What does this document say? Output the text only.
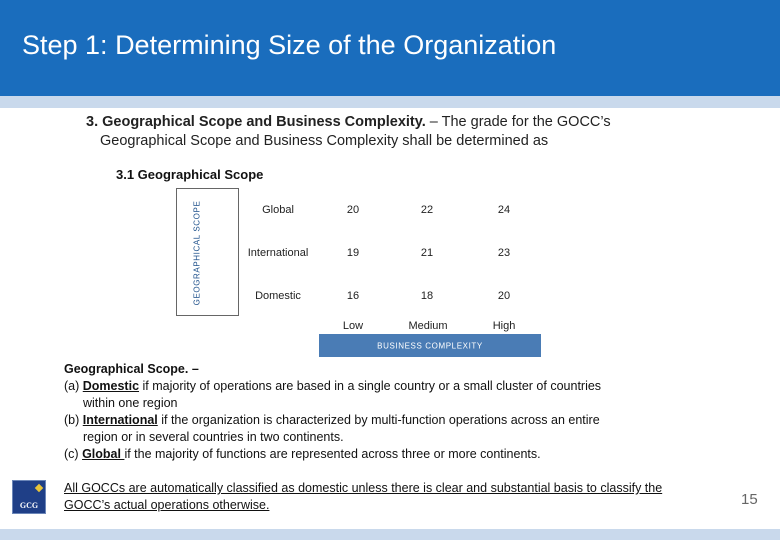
Step 1: Determining Size of the Organization
3. Geographical Scope and Business Complexity. – The grade for the GOCC’s
Geographical Scope and Business Complexity shall be determined as
3.1 Geographical Scope
GEOGRAPHICAL SCOPE	Global	20	22	24
International	19	21	23
Domestic	16	18	20
Low	Medium	High
BUSINESS COMPLEXITY

Geographical Scope. –

(a) Domestic if majority of operations are based in a single country or a small cluster of countries
within one region

(b) International if the organization is characterized by multi-function operations across an entire
region or in several countries in two continents.

(c) Global if the majority of functions are represented across three or more continents.

GCG
All GOCCs are automatically classified as domestic unless there is clear and substantial basis to classify the GOCC’s actual operations otherwise.	15
